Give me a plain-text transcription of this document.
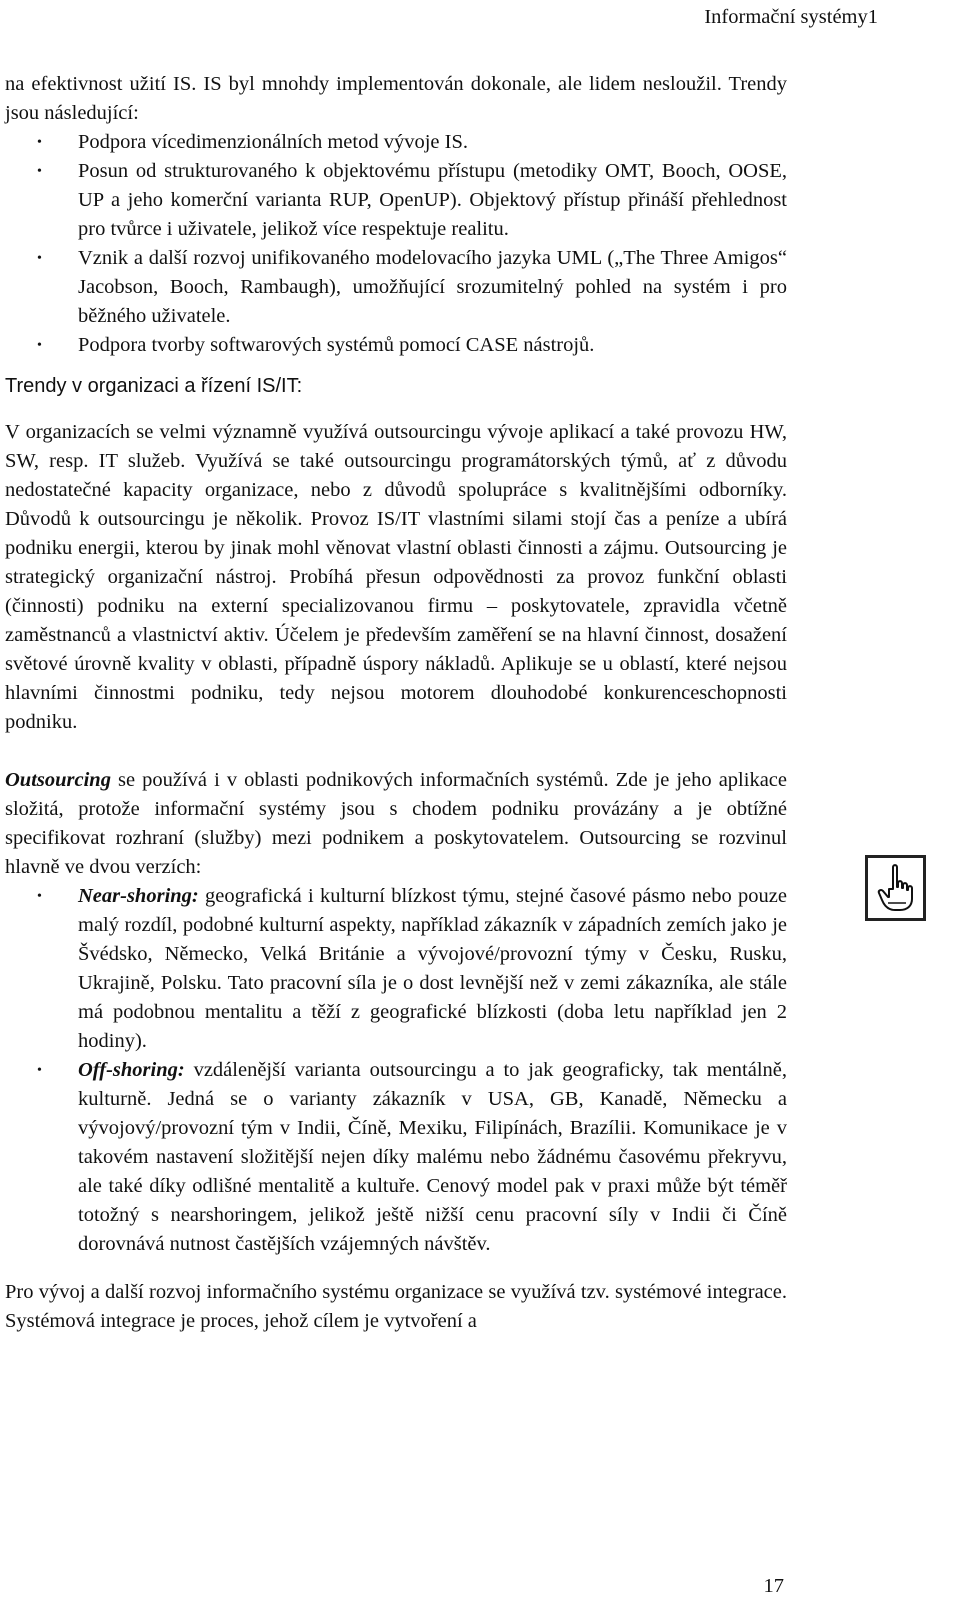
Informační systémy1

na efektivnost užití IS. IS byl mnohdy implementován dokonale, ale lidem nesloužil. Trendy jsou následující:

• Podpora vícedimenzionálních metod vývoje IS.
• Posun od strukturovaného k objektovému přístupu (metodiky OMT, Booch, OOSE, UP a jeho komerční varianta RUP, OpenUP). Objektový přístup přináší přehlednost pro tvůrce i uživatele, jelikož více respektuje realitu.
• Vznik a další rozvoj unifikovaného modelovacího jazyka UML („The Three Amigos“ Jacobson, Booch, Rambaugh), umožňující srozumitelný pohled na systém i pro běžného uživatele.
• Podpora tvorby softwarových systémů pomocí CASE nástrojů.

Trendy v organizaci a řízení IS/IT:

V organizacích se velmi významně využívá outsourcingu vývoje aplikací a také provozu HW, SW, resp. IT služeb. Využívá se také outsourcingu programátorských týmů, ať z důvodu nedostatečné kapacity organizace, nebo z důvodů spolupráce s kvalitnějšími odborníky. Důvodů k outsourcingu je několik. Provoz IS/IT vlastními silami stojí čas a peníze a ubírá podniku energii, kterou by jinak mohl věnovat vlastní oblasti činnosti a zájmu. Outsourcing je strategický organizační nástroj. Probíhá přesun odpovědnosti za provoz funkční oblasti (činnosti) podniku na externí specializovanou firmu – poskytovatele, zpravidla včetně zaměstnanců a vlastnictví aktiv. Účelem je především zaměření se na hlavní činnost, dosažení světové úrovně kvality v oblasti, případně úspory nákladů. Aplikuje se u oblastí, které nejsou hlavními činnostmi podniku, tedy nejsou motorem dlouhodobé konkurenceschopnosti podniku.

Outsourcing se používá i v oblasti podnikových informačních systémů. Zde je jeho aplikace složitá, protože informační systémy jsou s chodem podniku provázány a je obtížné specifikovat rozhraní (služby) mezi podnikem a poskytovatelem. Outsourcing se rozvinul hlavně ve dvou verzích:

• Near-shoring: geografická i kulturní blízkost týmu, stejné časové pásmo nebo pouze malý rozdíl, podobné kulturní aspekty, například zákazník v západních zemích jako je Švédsko, Německo, Velká Británie a vývojové/provozní týmy v Česku, Rusku, Ukrajině, Polsku. Tato pracovní síla je o dost levnější než v zemi zákazníka, ale stále má podobnou mentalitu a těží z geografické blízkosti (doba letu například jen 2 hodiny).
• Off-shoring: vzdálenější varianta outsourcingu a to jak geograficky, tak mentálně, kulturně. Jedná se o varianty zákazník v USA, GB, Kanadě, Německu a vývojový/provozní tým v Indii, Číně, Mexiku, Filipínách, Brazílii. Komunikace je v takovém nastavení složitější nejen díky malému nebo žádnému časovému překryvu, ale také díky odlišné mentalitě a kultuře. Cenový model pak v praxi může být téměř totožný s nearshoringem, jelikož ještě nižší cenu pracovní síly v Indii či Číně dorovnává nutnost častějších vzájemných návštěv.

Pro vývoj a další rozvoj informačního systému organizace se využívá tzv. systémové integrace. Systémová integrace je proces, jehož cílem je vytvoření a

17
